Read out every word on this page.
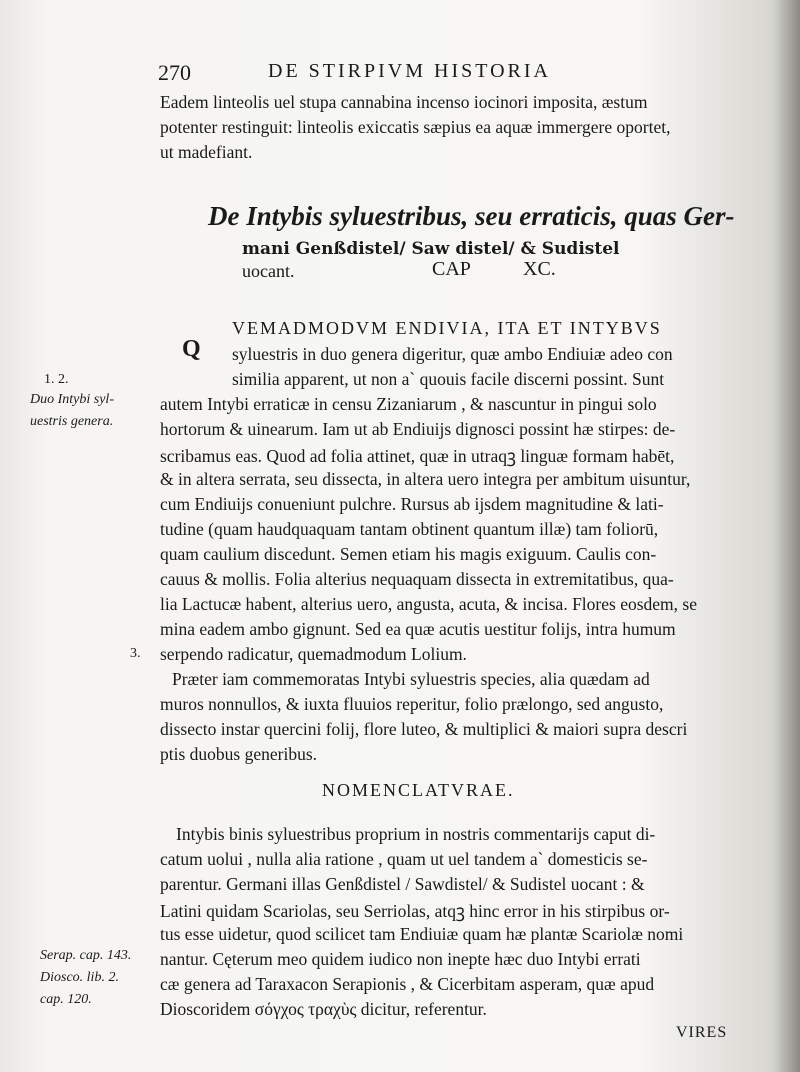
270	DE STIRPIVM HISTORIA
Eadem linteolis uel stupa cannabina incenso iocinori imposita, æstum
potenter restinguit: linteolis exiccatis sæpius ea aquæ immergere oportet,
ut madefiant.
De Intybis syluestribus, seu erraticis, quas Ger-
mani Genßdistel/ Saw distel/ & Sudistel
uocant.	CAP	XC.
VEMADMODVM ENDIVIA, ITA ET INTYBVS
Q syluestris in duo genera digeritur, quæ ambo Endiuiæ adeo con
similia apparent, ut non a` quouis facile discerni possint. Sunt
autem Intybi erraticæ in censu Zizaniarum , & nascuntur in pingui solo
hortorum & uinearum. Iam ut ab Endiuijs dignosci possint hæ stirpes: de-
scribamus eas. Quod ad folia attinet, quæ in utraqꝫ linguæ formam habēt,
& in altera serrata, seu dissecta, in altera uero integra per ambitum uisuntur,
cum Endiuijs conueniunt pulchre. Rursus ab ijsdem magnitudine & lati-
tudine (quam haudquaquam tantam obtinent quantum illæ) tam foliorū,
quam caulium discedunt. Semen etiam his magis exiguum. Caulis con-
cauus & mollis. Folia alterius nequaquam dissecta in extremitatibus, qua-
lia Lactucæ habent, alterius uero, angusta, acuta, & incisa. Flores eosdem, se
mina eadem ambo gignunt. Sed ea quæ acutis uestitur folijs, intra humum
serpendo radicatur, quemadmodum Lolium.
Præter iam commemoratas Intybi syluestris species, alia quædam ad
muros nonnullos, & iuxta fluuios reperitur, folio prælongo, sed angusto,
dissecto instar quercini folij, flore luteo, & multiplici & maiori supra descri
ptis duobus generibus.
NOMENCLATVRAE.
Intybis binis syluestribus proprium in nostris commentarijs caput di-
catum uolui , nulla alia ratione , quam ut uel tandem a` domesticis se-
parentur. Germani illas Genßdistel / Sawdistel/ & Sudistel uocant : &
Latini quidam Scariolas, seu Serriolas, atqꝫ hinc error in his stirpibus or-
tus esse uidetur, quod scilicet tam Endiuiæ quam hæ plantæ Scariolæ nomi
nantur. Cęterum meo quidem iudico non inepte hæc duo Intybi errati
cæ genera ad Taraxacon Serapionis , & Cicerbitam asperam, quæ apud
Dioscoridem σόγχος τραχὺς dicitur, referentur.
VIRES
1. 2.
Duo Intybi syl-
uestris genera.
3.
Serap. cap. 143.
Diosco. lib. 2.
cap. 120.
